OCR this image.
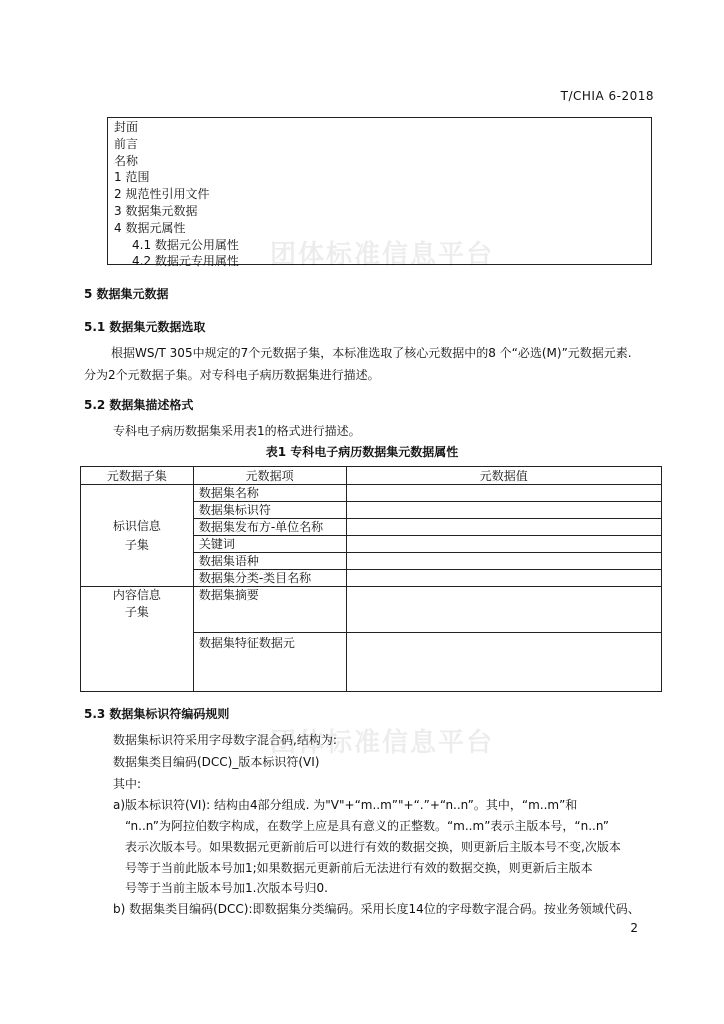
T/CHIA 6-2018
封面
前言
名称
1 范围
2 规范性引用文件
3 数据集元数据
4 数据元属性
4.1 数据元公用属性
4.2 数据元专用属性	团体标准信息平台
团体标准信息平台
5 数据集元数据
5.1 数据集元数据选取
根据WS/T 305中规定的7个元数据子集，本标准选取了核心元数据中的8 个“必选(M)”元数据元素.
分为2个元数据子集。对专科电子病历数据集进行描述。
5.2 数据集描述格式
专科电子病历数据集采用表1的格式进行描述。
表1 专科电子病历数据集元数据属性
元数据子集	元数据项	元数据值

标识信息
子集	数据集名称	
	数据集标识符	
	数据集发布方-单位名称	
	关键词	
	数据集语种	
	数据集分类-类目名称	

内容信息
子集	数据集摘要	
	数据集特征数据元	
5.3 数据集标识符编码规则
数据集标识符采用字母数字混合码,结构为:
数据集类目编码(DCC)_版本标识符(VI)
其中:
a)版本标识符(VI): 结构由4部分组成. 为"V"+“m..m”"+“.”+“n..n”。其中，“m..m”和
“n..n”为阿拉伯数字构成，在数学上应是具有意义的正整数。“m..m”表示主版本号，“n..n”
表示次版本号。如果数据元更新前后可以进行有效的数据交换，则更新后主版本号不变,次版本
号等于当前此版本号加1;如果数据元更新前后无法进行有效的数据交换，则更新后主版本
号等于当前主版本号加1.次版本号归0.
b) 数据集类目编码(DCC):即数据集分类编码。采用长度14位的字母数字混合码。按业务领域代码、
2
